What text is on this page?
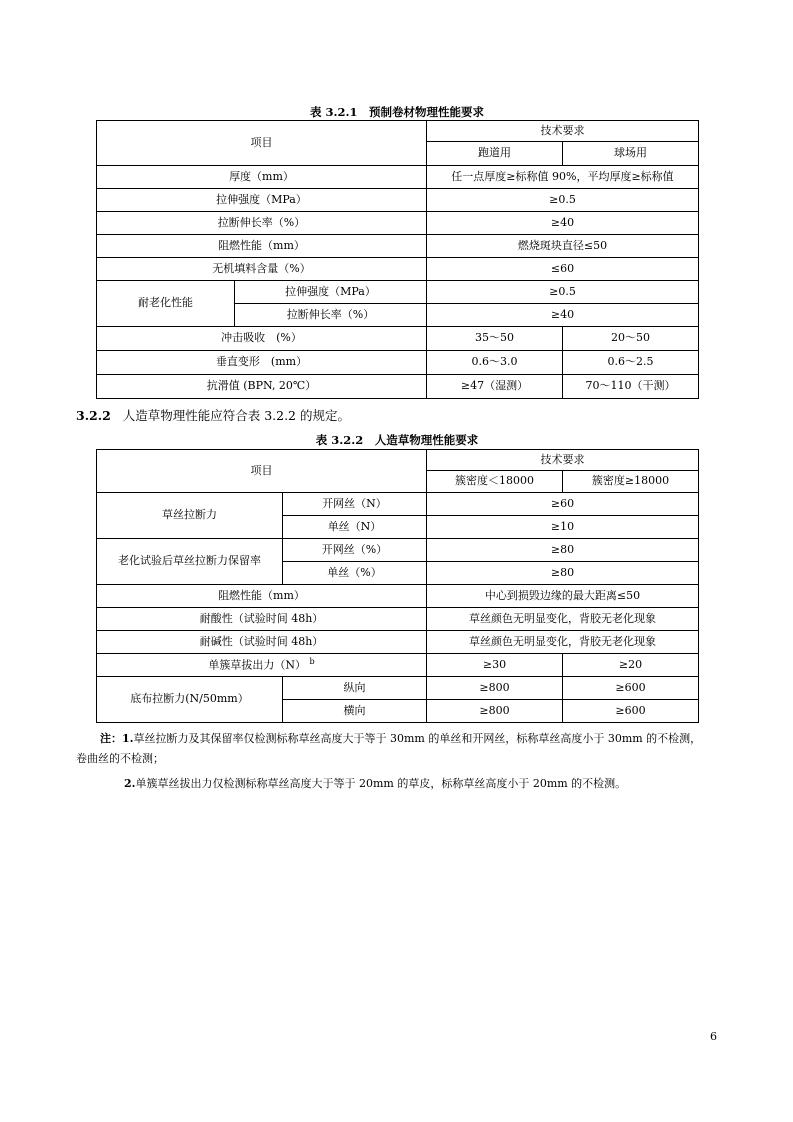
表 3.2.1　预制卷材物理性能要求
项目		技术要求	
		跑道用	球场用
厚度（mm）		任一点厚度≥标称值 90%，平均厚度≥标称值	
拉伸强度（MPa）		≥0.5	
拉断伸长率（%）		≥40	
阻燃性能（mm）		燃烧斑块直径≤50	
无机填料含量（%）		≤60	
耐老化性能	拉伸强度（MPa）	≥0.5	
	拉断伸长率（%）	≥40	
冲击吸收　(%）		35～50	20～50
垂直变形　(mm）		0.6～3.0	0.6～2.5
抗滑值 (BPN, 20℃）		≥47（湿测）	70～110（干测）
3.2.2 人造草物理性能应符合表 3.2.2 的规定。
表 3.2.2　人造草物理性能要求
项目		技术要求	
		簇密度＜18000	簇密度≥18000
草丝拉断力	开网丝（N）	≥60	
	单丝（N）	≥10	
老化试验后草丝拉断力保留率	开网丝（%）	≥80	
	单丝（%）	≥80	
阻燃性能（mm）		中心到损毁边缘的最大距离≤50	
耐酸性（试验时间 48h）		草丝颜色无明显变化，背胶无老化现象	
耐碱性（试验时间 48h）		草丝颜色无明显变化，背胶无老化现象	
单簇草拔出力（N） $^b$		≥30	≥20
底布拉断力(N/50mm）	纵向	≥800	≥600
	横向	≥800	≥600
注：1.草丝拉断力及其保留率仅检测标称草丝高度大于等于 30mm 的单丝和开网丝，标称草丝高度小于 30mm 的不检测，
卷曲丝的不检测；
2.单簇草丝拔出力仅检测标称草丝高度大于等于 20mm 的草皮，标称草丝高度小于 20mm 的不检测。
6
